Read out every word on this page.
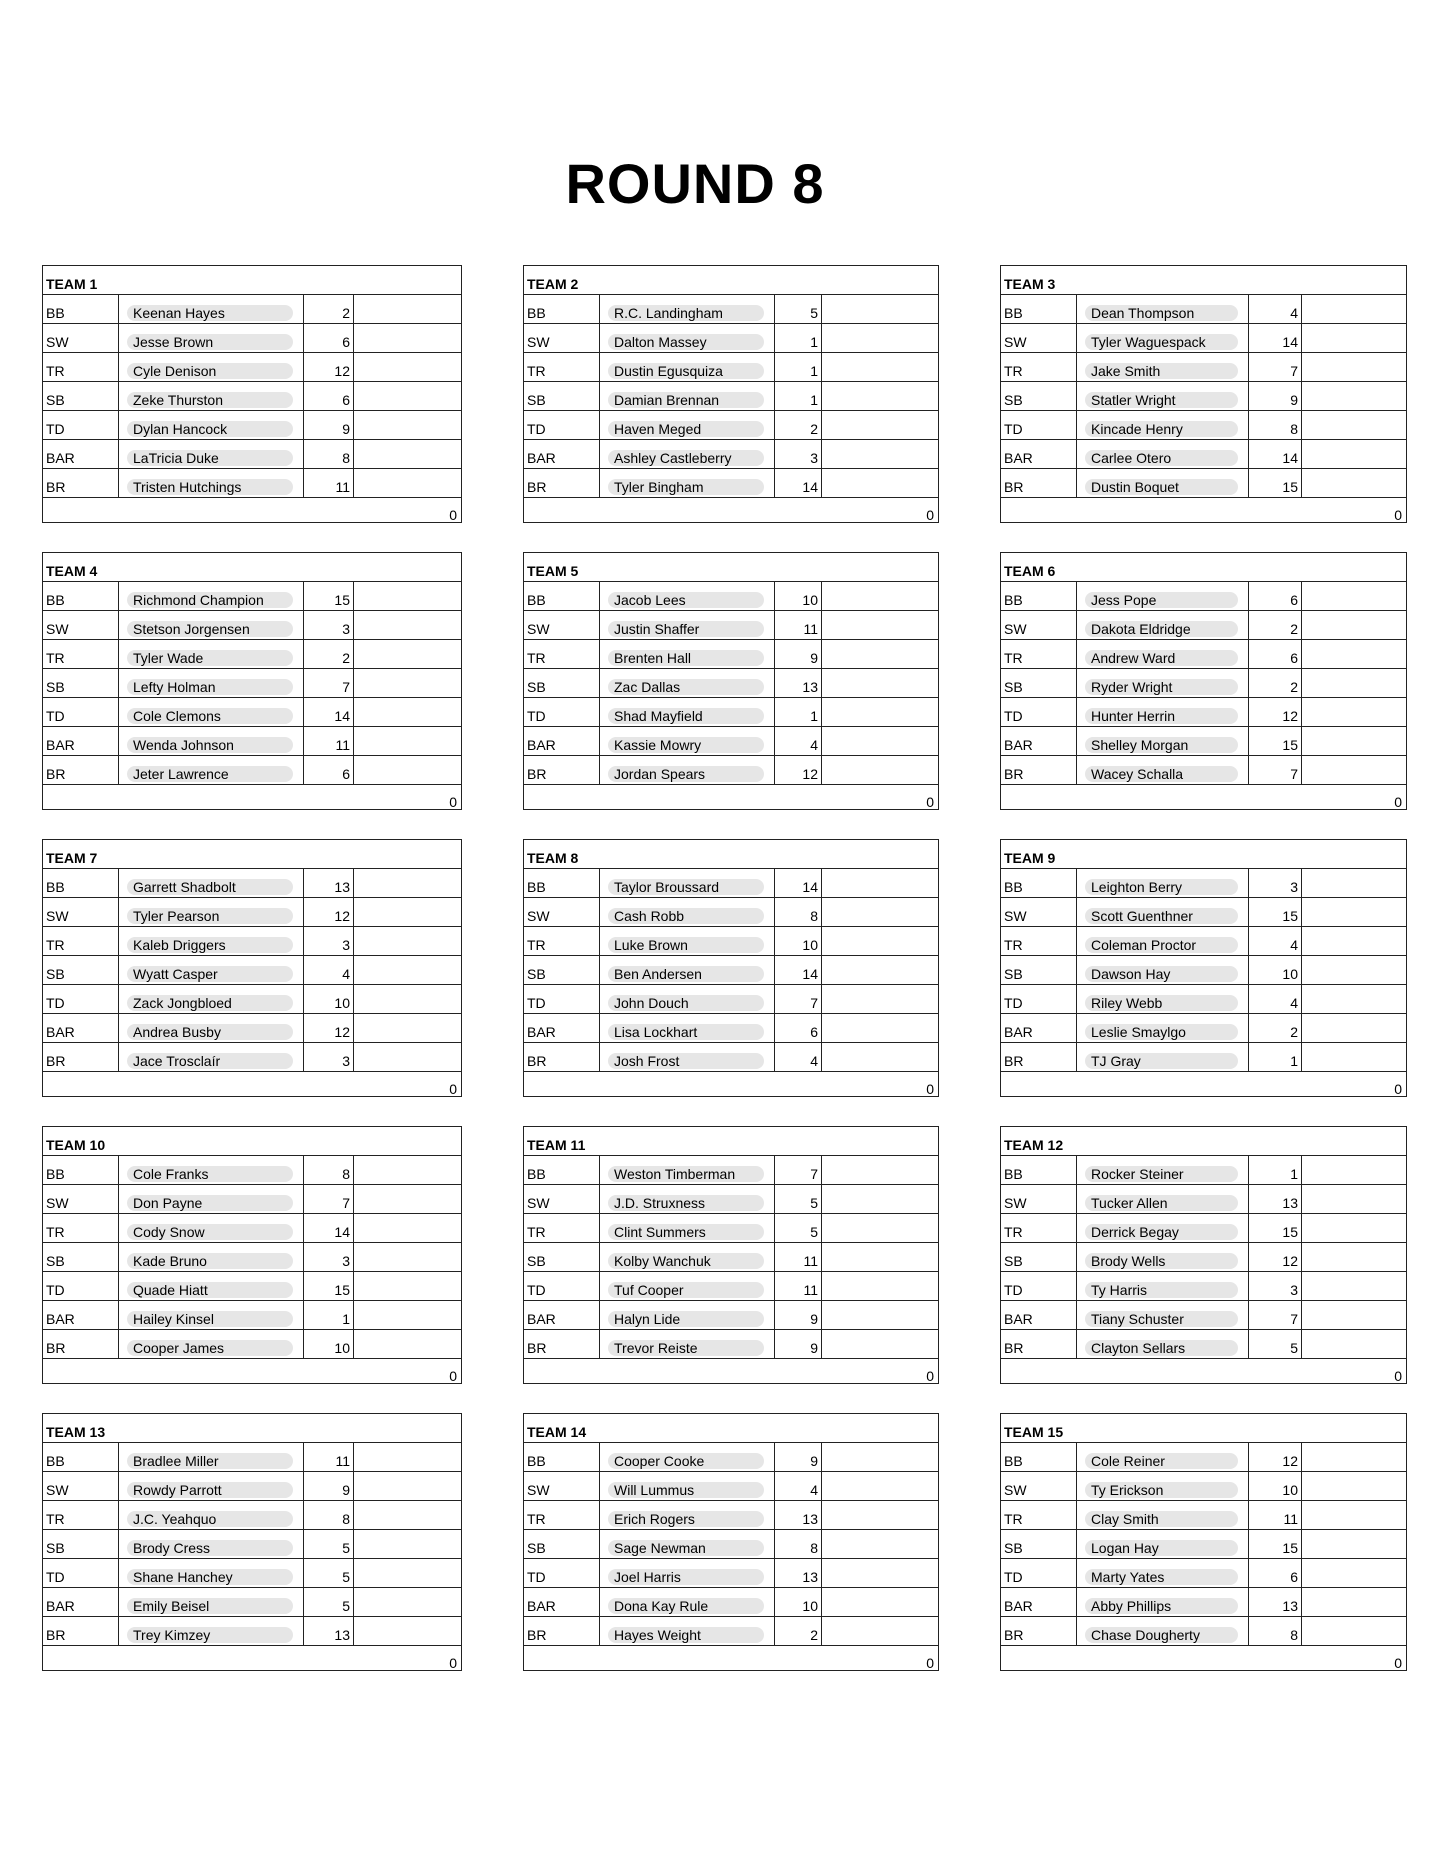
ROUND 8
TEAM 1
BB	Keenan Hayes	2
SW	Jesse Brown	6
TR	Cyle Denison	12
SB	Zeke Thurston	6
TD	Dylan Hancock	9
BAR	LaTricia Duke	8
BR	Tristen Hutchings	11
0
TEAM 2
BB	R.C. Landingham	5
SW	Dalton Massey	1
TR	Dustin Egusquiza	1
SB	Damian Brennan	1
TD	Haven Meged	2
BAR	Ashley Castleberry	3
BR	Tyler Bingham	14
0
TEAM 3
BB	Dean Thompson	4
SW	Tyler Waguespack	14
TR	Jake Smith	7
SB	Statler Wright	9
TD	Kincade Henry	8
BAR	Carlee Otero	14
BR	Dustin Boquet	15
0
TEAM 4
BB	Richmond Champion	15
SW	Stetson Jorgensen	3
TR	Tyler Wade	2
SB	Lefty Holman	7
TD	Cole Clemons	14
BAR	Wenda Johnson	11
BR	Jeter Lawrence	6
0
TEAM 5
BB	Jacob Lees	10
SW	Justin Shaffer	11
TR	Brenten Hall	9
SB	Zac Dallas	13
TD	Shad Mayfield	1
BAR	Kassie Mowry	4
BR	Jordan Spears	12
0
TEAM 6
BB	Jess Pope	6
SW	Dakota Eldridge	2
TR	Andrew Ward	6
SB	Ryder Wright	2
TD	Hunter Herrin	12
BAR	Shelley Morgan	15
BR	Wacey Schalla	7
0
TEAM 7
BB	Garrett Shadbolt	13
SW	Tyler Pearson	12
TR	Kaleb Driggers	3
SB	Wyatt Casper	4
TD	Zack Jongbloed	10
BAR	Andrea Busby	12
BR	Jace Trosclaír	3
0
TEAM 8
BB	Taylor Broussard	14
SW	Cash Robb	8
TR	Luke Brown	10
SB	Ben Andersen	14
TD	John Douch	7
BAR	Lisa Lockhart	6
BR	Josh Frost	4
0
TEAM 9
BB	Leighton Berry	3
SW	Scott Guenthner	15
TR	Coleman Proctor	4
SB	Dawson Hay	10
TD	Riley Webb	4
BAR	Leslie Smaylgo	2
BR	TJ Gray	1
0
TEAM 10
BB	Cole Franks	8
SW	Don Payne	7
TR	Cody Snow	14
SB	Kade Bruno	3
TD	Quade Hiatt	15
BAR	Hailey Kinsel	1
BR	Cooper James	10
0
TEAM 11
BB	Weston Timberman	7
SW	J.D. Struxness	5
TR	Clint Summers	5
SB	Kolby Wanchuk	11
TD	Tuf Cooper	11
BAR	Halyn Lide	9
BR	Trevor Reiste	9
0
TEAM 12
BB	Rocker Steiner	1
SW	Tucker Allen	13
TR	Derrick Begay	15
SB	Brody Wells	12
TD	Ty Harris	3
BAR	Tiany Schuster	7
BR	Clayton Sellars	5
0
TEAM 13
BB	Bradlee Miller	11
SW	Rowdy Parrott	9
TR	J.C. Yeahquo	8
SB	Brody Cress	5
TD	Shane Hanchey	5
BAR	Emily Beisel	5
BR	Trey Kimzey	13
0
TEAM 14
BB	Cooper Cooke	9
SW	Will Lummus	4
TR	Erich Rogers	13
SB	Sage Newman	8
TD	Joel Harris	13
BAR	Dona Kay Rule	10
BR	Hayes Weight	2
0
TEAM 15
BB	Cole Reiner	12
SW	Ty Erickson	10
TR	Clay Smith	11
SB	Logan Hay	15
TD	Marty Yates	6
BAR	Abby Phillips	13
BR	Chase Dougherty	8
0
